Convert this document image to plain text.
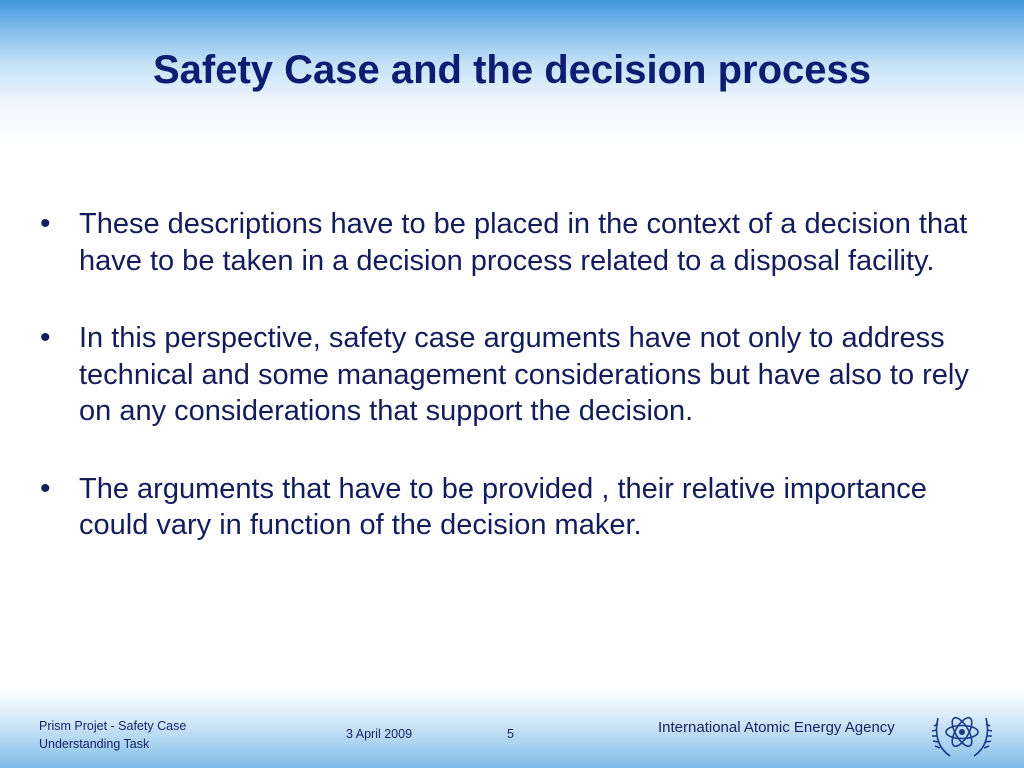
Safety Case and the decision process
• These descriptions have to be placed in the context of a decision that have to be taken in a decision process related to a disposal facility.
• In this perspective, safety case arguments have not only to address technical and some management considerations but have also to rely on any considerations that support the decision.
• The arguments that have to be provided , their relative importance could vary in function of the decision maker.
Prism Projet - Safety Case
Understanding Task
3 April 2009	5	International Atomic Energy Agency
